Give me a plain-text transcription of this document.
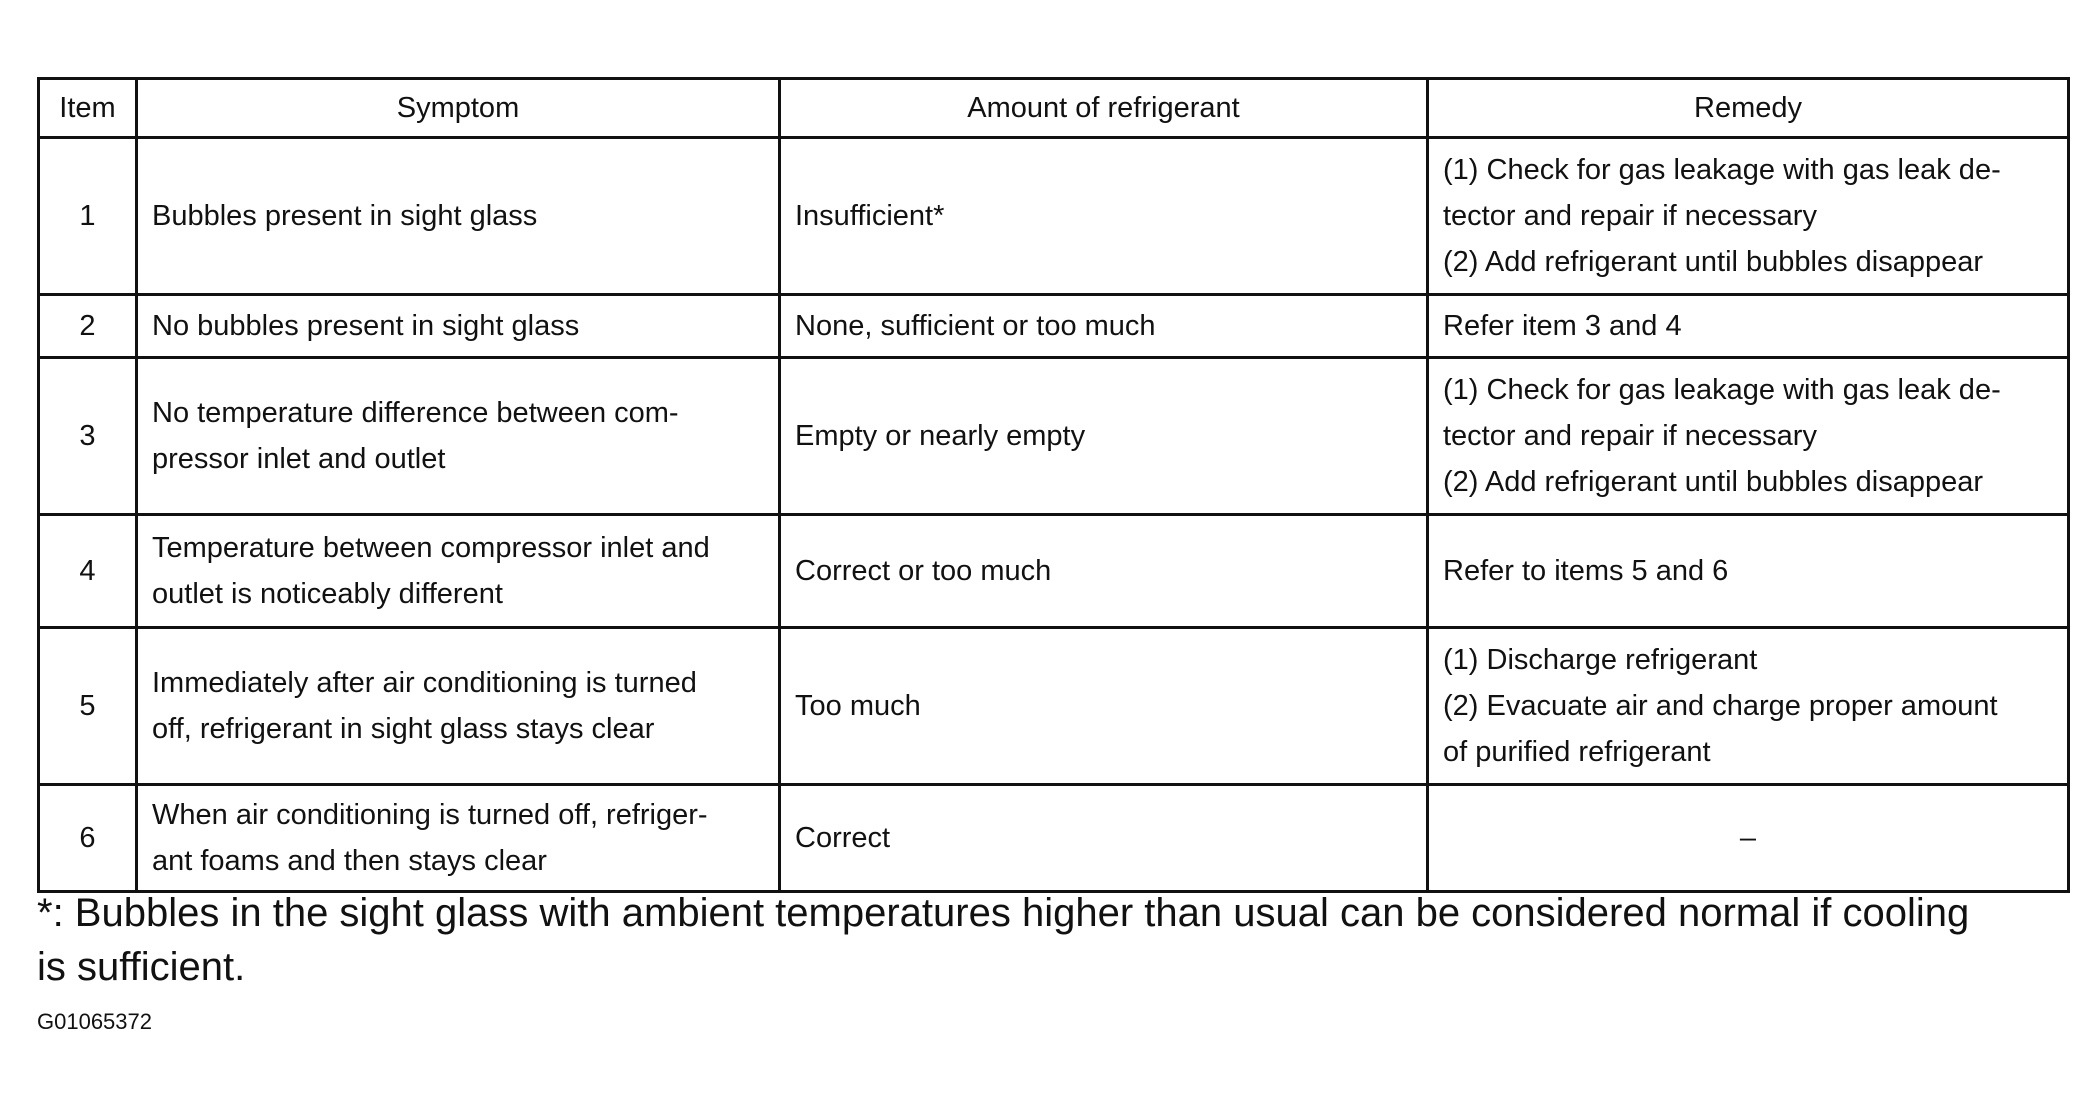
Item	Symptom	Amount of refrigerant	Remedy
1	Bubbles present in sight glass	Insufficient*	(1) Check for gas leakage with gas leak de-
tector and repair if necessary
(2) Add refrigerant until bubbles disappear

2	No bubbles present in sight glass	None, sufficient or too much	Refer item 3 and 4

3	No temperature difference between com-
pressor inlet and outlet	Empty or nearly empty	(1) Check for gas leakage with gas leak de-
tector and repair if necessary
(2) Add refrigerant until bubbles disappear

4	Temperature between compressor inlet and
outlet is noticeably different	Correct or too much	Refer to items 5 and 6

5	Immediately after air conditioning is turned
off, refrigerant in sight glass stays clear	Too much	(1) Discharge refrigerant
(2) Evacuate air and charge proper amount
of purified refrigerant

6	When air conditioning is turned off, refriger-
ant foams and then stays clear	Correct	–
*: Bubbles in the sight glass with ambient temperatures higher than usual can be considered normal if cooling
is sufficient.
G01065372
